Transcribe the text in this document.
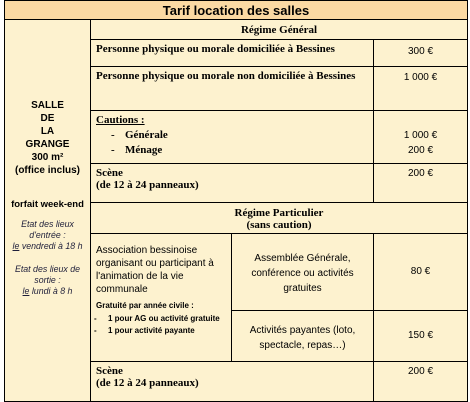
Tarif location des salles
SALLE
DE
LA
GRANGE
300 m²
(office inclus)
forfait week-end
Etat des lieux d'entrée :
le vendredi à 18 h
Etat des lieux de sortie :
le lundi à 8 h
Régime Général
Personne physique ou morale domiciliée à Bessines	300 €
Personne physique ou morale non domiciliée à Bessines	1 000 €
Cautions :
- Générale
- Ménage
1 000 €
200 €
Scène
(de 12 à 24 panneaux)
200 €
Régime Particulier
(sans caution)
Association bessinoise organisant ou participant à l'animation de la vie communale
Gratuité par année civile :
- 1 pour AG ou activité gratuite
- 1 pour activité payante
Assemblée Générale, conférence ou activités gratuites
80 €
Activités payantes (loto, spectacle, repas…)
150 €
Scène
(de 12 à 24 panneaux)
200 €
